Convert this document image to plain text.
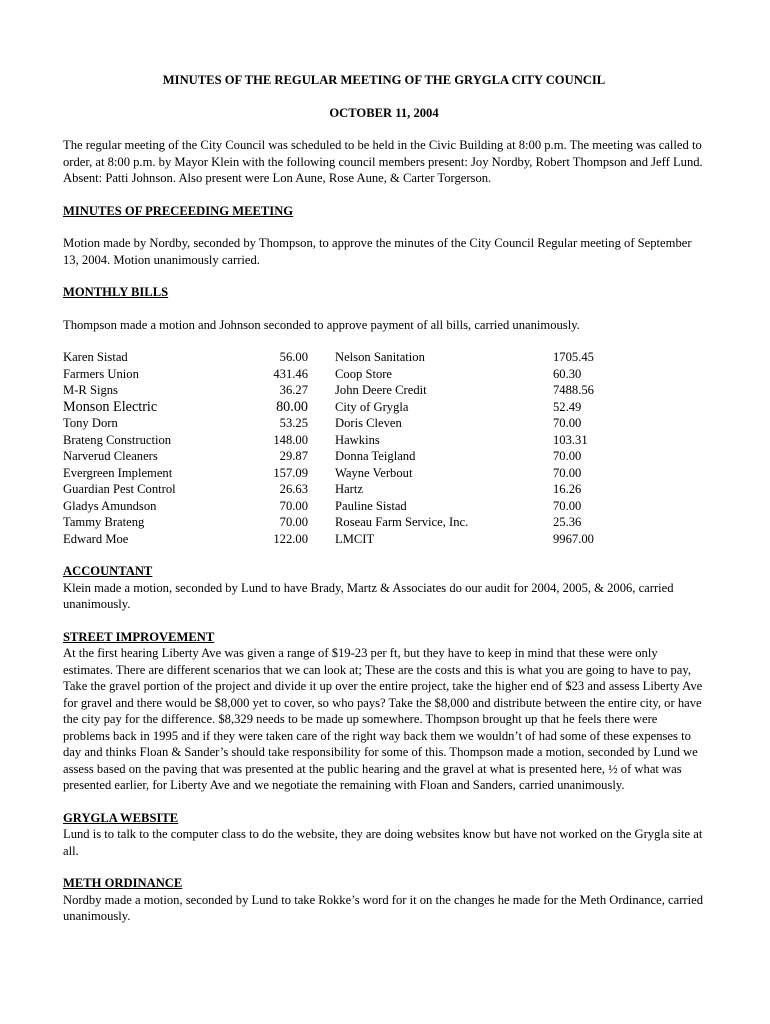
MINUTES OF THE REGULAR MEETING OF THE GRYGLA CITY COUNCIL

OCTOBER 11, 2004

The regular meeting of the City Council was scheduled to be held in the Civic Building at 8:00 p.m. The meeting was called to order, at 8:00 p.m. by Mayor Klein with the following council members present: Joy Nordby, Robert Thompson and Jeff Lund. Absent: Patti Johnson. Also present were Lon Aune, Rose Aune, & Carter Torgerson.

MINUTES OF PRECEEDING MEETING

Motion made by Nordby, seconded by Thompson, to approve the minutes of the City Council Regular meeting of September 13, 2004. Motion unanimously carried.

MONTHLY BILLS

Thompson made a motion and Johnson seconded to approve payment of all bills, carried unanimously.

Karen Sistad	56.00 Nelson Sanitation	1705.45
Farmers Union	431.46 Coop Store	60.30
M-R Signs	36.27 John Deere Credit	7488.56
Monson Electric	80.00 City of Grygla	52.49
Tony Dorn	53.25 Doris Cleven	70.00
Brateng Construction	148.00 Hawkins	103.31
Narverud Cleaners	29.87 Donna Teigland	70.00
Evergreen Implement	157.09 Wayne Verbout	70.00
Guardian Pest Control	26.63 Hartz	16.26
Gladys Amundson	70.00 Pauline Sistad	70.00
Tammy Brateng	70.00 Roseau Farm Service, Inc.	25.36
Edward Moe	122.00 LMCIT	9967.00

ACCOUNTANT

Klein made a motion, seconded by Lund to have Brady, Martz & Associates do our audit for 2004, 2005, & 2006, carried unanimously.

STREET IMPROVEMENT

At the first hearing Liberty Ave was given a range of $19-23 per ft, but they have to keep in mind that these were only estimates. There are different scenarios that we can look at; These are the costs and this is what you are going to have to pay, Take the gravel portion of the project and divide it up over the entire project, take the higher end of $23 and assess Liberty Ave for gravel and there would be $8,000 yet to cover, so who pays? Take the $8,000 and distribute between the entire city, or have the city pay for the difference. $8,329 needs to be made up somewhere. Thompson brought up that he feels there were problems back in 1995 and if they were taken care of the right way back them we wouldn’t of had some of these expenses to day and thinks Floan & Sander’s should take responsibility for some of this. Thompson made a motion, seconded by Lund we assess based on the paving that was presented at the public hearing and the gravel at what is presented here, ½ of what was presented earlier, for Liberty Ave and we negotiate the remaining with Floan and Sanders, carried unanimously.

GRYGLA WEBSITE

Lund is to talk to the computer class to do the website, they are doing websites know but have not worked on the Grygla site at all.

METH ORDINANCE

Nordby made a motion, seconded by Lund to take Rokke’s word for it on the changes he made for the Meth Ordinance, carried unanimously.
